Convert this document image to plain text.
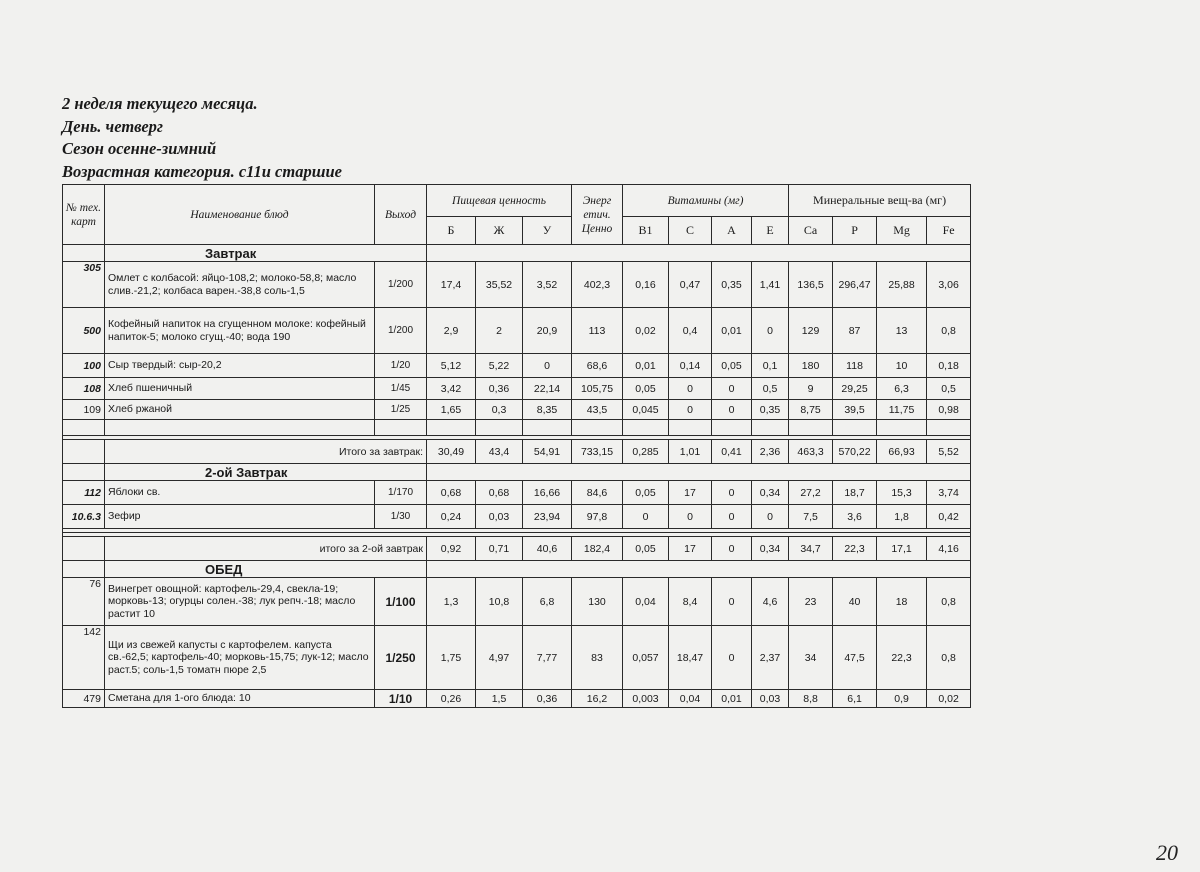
2 неделя текущего месяца.
День. четверг
Сезон осенне-зимний
Возрастная категория. с11и старшие
№ тех. карт	Наименование блюд	Выход	Пищевая ценность			Энерг етич. Ценно	Витамины (мг)				Минеральные вещ-ва (мг)			
			Б	Ж	У		В1	С	А	Е	Са	Р	Mg	Fe
	Завтрак													
305	Омлет с колбасой: яйцо-108,2; молоко-58,8; масло слив.-21,2; колбаса варен.-38,8 соль-1,5	1/200	17,4	35,52	3,52	402,3	0,16	0,47	0,35	1,41	136,5	296,47	25,88	3,06
500	Кофейный напиток на сгущенном молоке: кофейный напиток-5; молоко сгущ.-40; вода 190	1/200	2,9	2	20,9	113	0,02	0,4	0,01	0	129	87	13	0,8
100	Сыр твердый: сыр-20,2	1/20	5,12	5,22	0	68,6	0,01	0,14	0,05	0,1	180	118	10	0,18
108	Хлеб пшеничный	1/45	3,42	0,36	22,14	105,75	0,05	0	0	0,5	9	29,25	6,3	0,5
109	Хлеб ржаной	1/25	1,65	0,3	8,35	43,5	0,045	0	0	0,35	8,75	39,5	11,75	0,98

	Итого за завтрак:		30,49	43,4	54,91	733,15	0,285	1,01	0,41	2,36	463,3	570,22	66,93	5,52
	2-ой Завтрак													
112	Яблоки св.	1/170	0,68	0,68	16,66	84,6	0,05	17	0	0,34	27,2	18,7	15,3	3,74
10.6.3	Зефир	1/30	0,24	0,03	23,94	97,8	0	0	0	0	7,5	3,6	1,8	0,42

	итого за 2-ой завтрак		0,92	0,71	40,6	182,4	0,05	17	0	0,34	34,7	22,3	17,1	4,16
	ОБЕД													
76	Винегрет овощной: картофель-29,4, свекла-19; морковь-13; огурцы солен.-38; лук репч.-18; масло растит 10	1/100	1,3	10,8	6,8	130	0,04	8,4	0	4,6	23	40	18	0,8
142	Щи из свежей капусты с картофелем. капуста св.-62,5; картофель-40; морковь-15,75; лук-12; масло раст.5; соль-1,5 томатн пюре 2,5	1/250	1,75	4,97	7,77	83	0,057	18,47	0	2,37	34	47,5	22,3	0,8
479	Сметана для 1-ого блюда: 10	1/10	0,26	1,5	0,36	16,2	0,003	0,04	0,01	0,03	8,8	6,1	0,9	0,02
20
